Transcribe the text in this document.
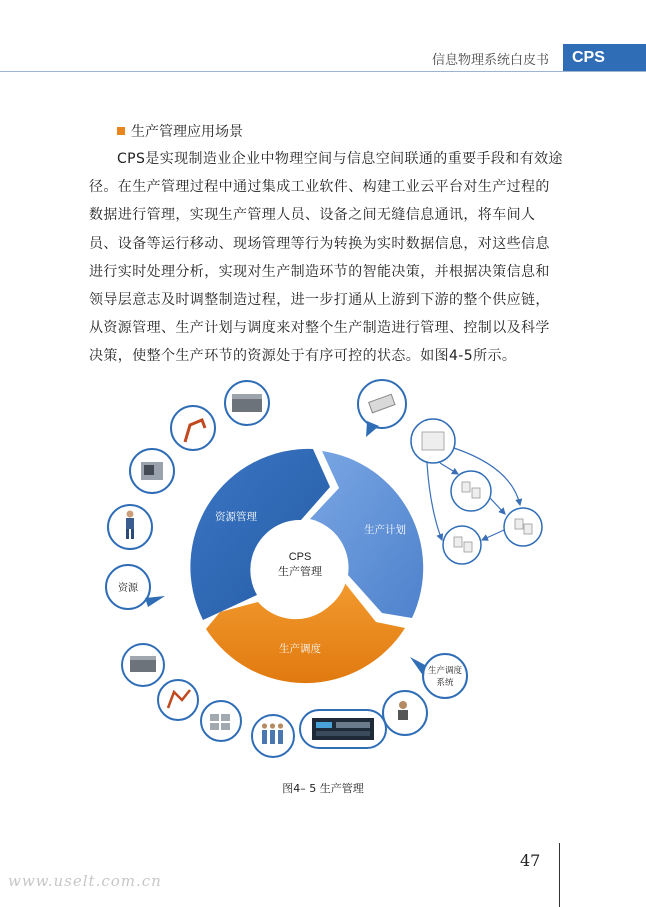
信息物理系统白皮书	CPS
生产管理应用场景

CPS是实现制造业企业中物理空间与信息空间联通的重要手段和有效途径。在生产管理过程中通过集成工业软件、构建工业云平台对生产过程的数据进行管理，实现生产管理人员、设备之间无缝信息通讯，将车间人员、设备等运行移动、现场管理等行为转换为实时数据信息，对这些信息进行实时处理分析，实现对生产制造环节的智能决策，并根据决策信息和领导层意志及时调整制造过程，进一步打通从上游到下游的整个供应链，从资源管理、生产计划与调度来对整个生产制造进行管理、控制以及科学决策，使整个生产环节的资源处于有序可控的状态。如图4-5所示。

CPS
生产管理
资源管理
生产计划
生产调度
资源
生产调度
系统
图4– 5 生产管理
47
www.uselt.com.cn
